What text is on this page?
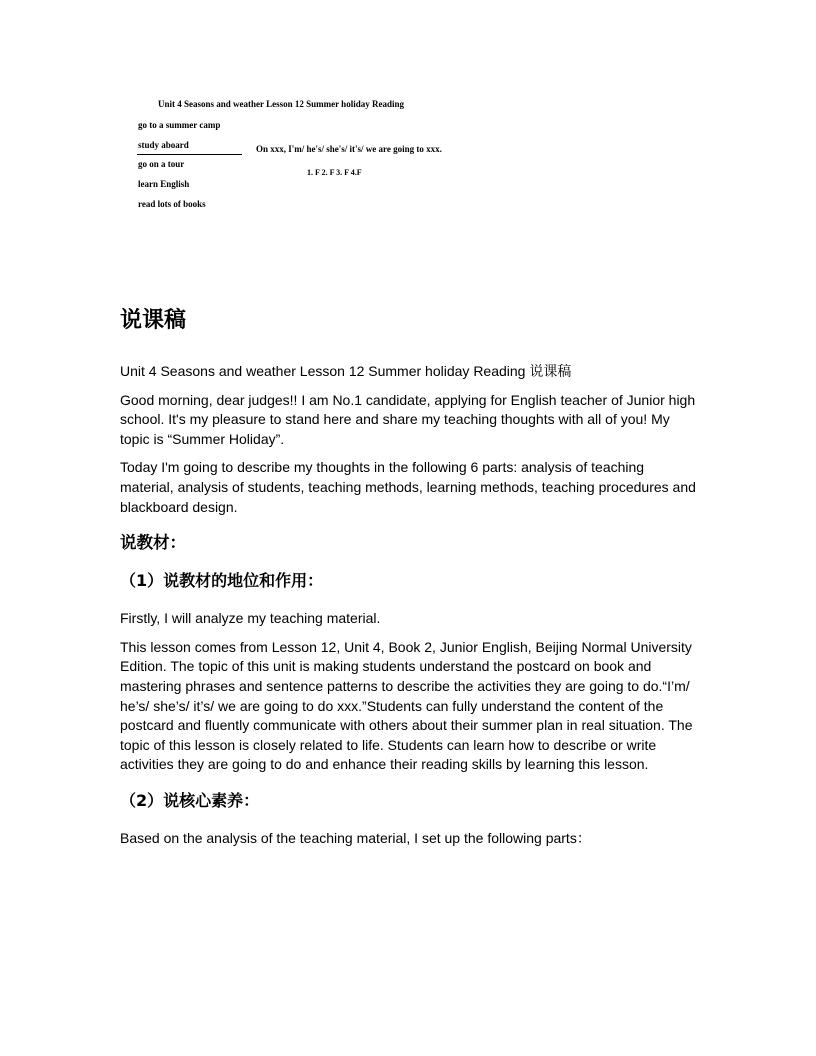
Unit 4 Seasons and weather Lesson 12 Summer holiday Reading
go to a summer camp
study aboard
go on a tour
learn English
read lots of books
On xxx, I'm/ he's/ she's/ it's/ we are going to xxx.
1. F 2. F 3. F 4.F
说课稿

Unit 4 Seasons and weather Lesson 12 Summer holiday Reading 说课稿

Good morning, dear judges!! I am No.1 candidate, applying for English teacher of Junior high school. It's my pleasure to stand here and share my teaching thoughts with all of you! My topic is “Summer Holiday”.

Today I'm going to describe my thoughts in the following 6 parts: analysis of teaching material, analysis of students, teaching methods, learning methods, teaching procedures and blackboard design.

说教材：
（1）说教材的地位和作用：

Firstly, I will analyze my teaching material.

This lesson comes from Lesson 12, Unit 4, Book 2, Junior English, Beijing Normal University Edition. The topic of this unit is making students understand the postcard on book and mastering phrases and sentence patterns to describe the activities they are going to do.“I’m/ he’s/ she’s/ it’s/ we are going to do xxx.”Students can fully understand the content of the postcard and fluently communicate with others about their summer plan in real situation. The topic of this lesson is closely related to life. Students can learn how to describe or write activities they are going to do and enhance their reading skills by learning this lesson.

（2）说核心素养：

Based on the analysis of the teaching material, I set up the following parts：
